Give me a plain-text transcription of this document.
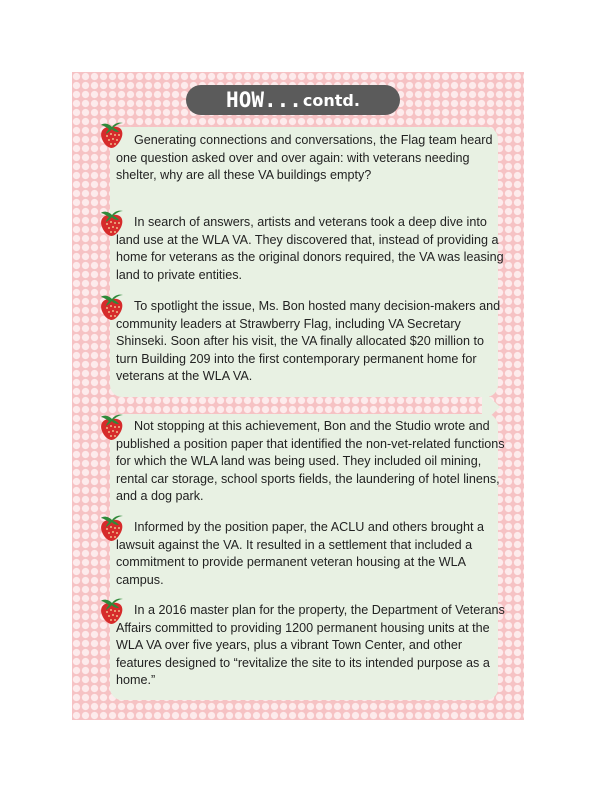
HOW... contd.

Generating connections and conversations, the Flag team heard one question asked over and over again: with veterans needing shelter, why are all these VA buildings empty?

In search of answers, artists and veterans took a deep dive into land use at the WLA VA. They discovered that, instead of providing a home for veterans as the original donors required, the VA was leasing land to private entities.

To spotlight the issue, Ms. Bon hosted many decision-makers and community leaders at Strawberry Flag, including VA Secretary Shinseki. Soon after his visit, the VA finally allocated $20 million to turn Building 209 into the first contemporary permanent home for veterans at the WLA VA.

Not stopping at this achievement, Bon and the Studio wrote and published a position paper that identified the non-vet-related functions for which the WLA land was being used. They included oil mining, rental car storage, school sports fields, the laundering of hotel linens, and a dog park.

Informed by the position paper, the ACLU and others brought a lawsuit against the VA. It resulted in a settlement that included a commitment to provide permanent veteran housing at the WLA campus.

In a 2016 master plan for the property, the Department of Veterans Affairs committed to providing 1200 permanent housing units at the WLA VA over five years, plus a vibrant Town Center, and other features designed to “revitalize the site to its intended purpose as a home.”
